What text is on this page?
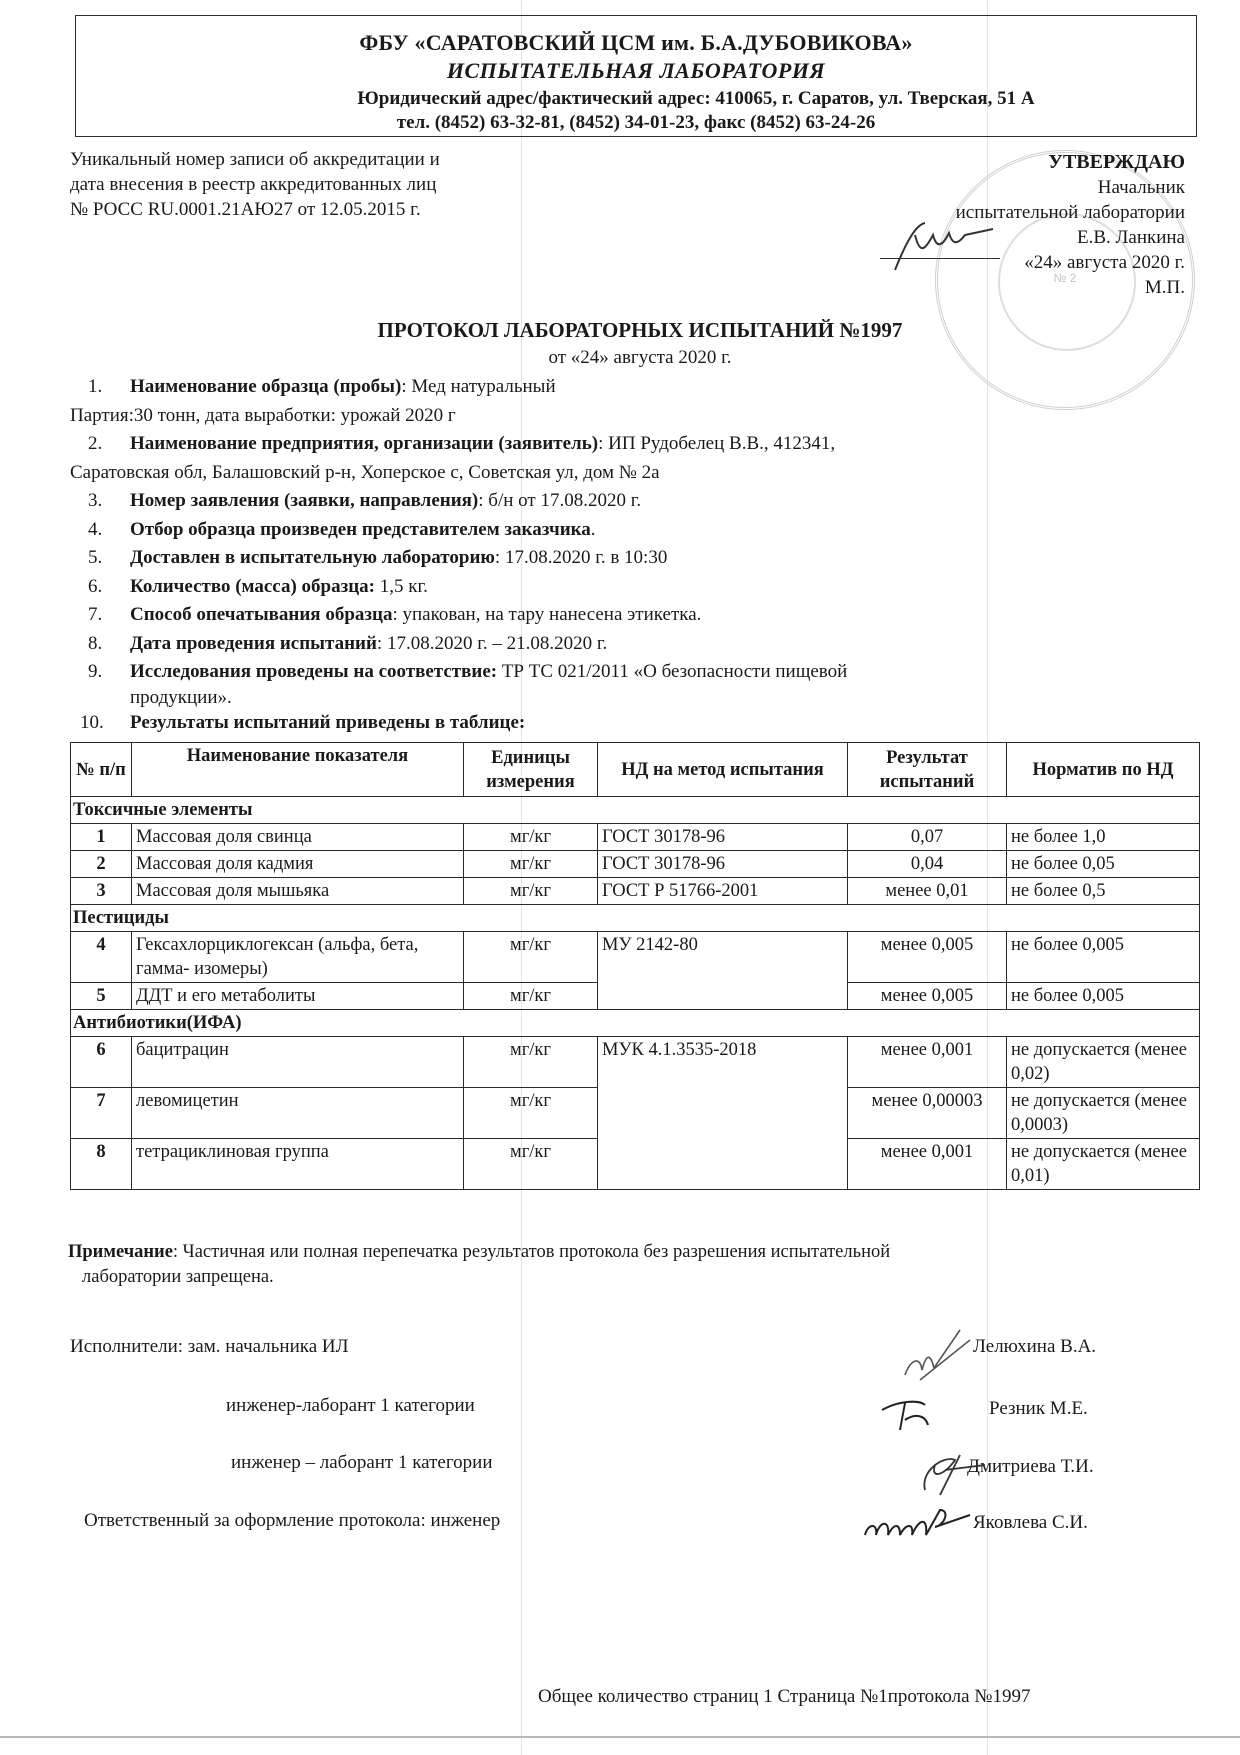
ФБУ «САРАТОВСКИЙ ЦСМ им. Б.А.ДУБОВИКОВА»
ИСПЫТАТЕЛЬНАЯ ЛАБОРАТОРИЯ
Юридический адрес/фактический адрес: 410065, г. Саратов, ул. Тверская, 51 А
тел. (8452) 63-32-81, (8452) 34-01-23, факс (8452) 63-24-26
Уникальный номер записи об аккредитации и
дата внесения в реестр аккредитованных лиц
№ РОСС RU.0001.21АЮ27 от 12.05.2015 г.
№ 2
УТВЕРЖДАЮ
Начальник
испытательной лаборатории
Е.В. Ланкина
«24» августа 2020 г.
М.П.
ПРОТОКОЛ ЛАБОРАТОРНЫХ ИСПЫТАНИЙ №1997
от «24» августа 2020 г.
1.	Наименование образца (пробы): Мед натуральный
Партия:30 тонн, дата выработки: урожай 2020 г
2.	Наименование предприятия, организации (заявитель): ИП Рудобелец В.В., 412341,
Саратовская обл, Балашовский р-н, Хоперское с, Советская ул, дом № 2а
3.	Номер заявления (заявки, направления): б/н от 17.08.2020 г.
4.	Отбор образца произведен представителем заказчика.
5.	Доставлен в испытательную лабораторию: 17.08.2020 г. в 10:30
6.	Количество (масса) образца: 1,5 кг.
7.	Способ опечатывания образца: упакован, на тару нанесена этикетка.
8.	Дата проведения испытаний: 17.08.2020 г. – 21.08.2020 г.
9.	Исследования проведены на соответствие: ТР ТС 021/2011 «О безопасности пищевой
продукции».
10.	Результаты испытаний приведены в таблице:
№ п/п	Наименование показателя	Единицы измерения	НД на метод испытания	Результат испытаний	Норматив по НД
Токсичные элементы					
1	Массовая доля свинца	мг/кг	ГОСТ 30178-96	0,07	не более 1,0
2	Массовая доля кадмия	мг/кг	ГОСТ 30178-96	0,04	не более 0,05
3	Массовая доля мышьяка	мг/кг	ГОСТ Р 51766-2001	менее 0,01	не более 0,5
Пестициды					
4	Гексахлорциклогексан (альфа, бета, гамма- изомеры)	мг/кг	МУ 2142-80	менее 0,005	не более 0,005
5	ДДТ и его метаболиты	мг/кг		менее 0,005	не более 0,005
Антибиотики(ИФА)					
6	бацитрацин	мг/кг	МУК 4.1.3535-2018	менее 0,001	не допускается (менее 0,02)
7	левомицетин	мг/кг		менее 0,00003	не допускается (менее 0,0003)
8	тетрациклиновая группа	мг/кг		менее 0,001	не допускается (менее 0,01)
Примечание: Частичная или полная перепечатка результатов протокола без разрешения испытательной
лаборатории запрещена.
Исполнители: зам. начальника ИЛ
инженер-лаборант 1 категории
инженер – лаборант 1 категории
Ответственный за оформление протокола: инженер
Лелюхина В.А.
Резник М.Е.
Дмитриева Т.И.
Яковлева С.И.
Общее количество страниц 1 Страница №1протокола №1997
